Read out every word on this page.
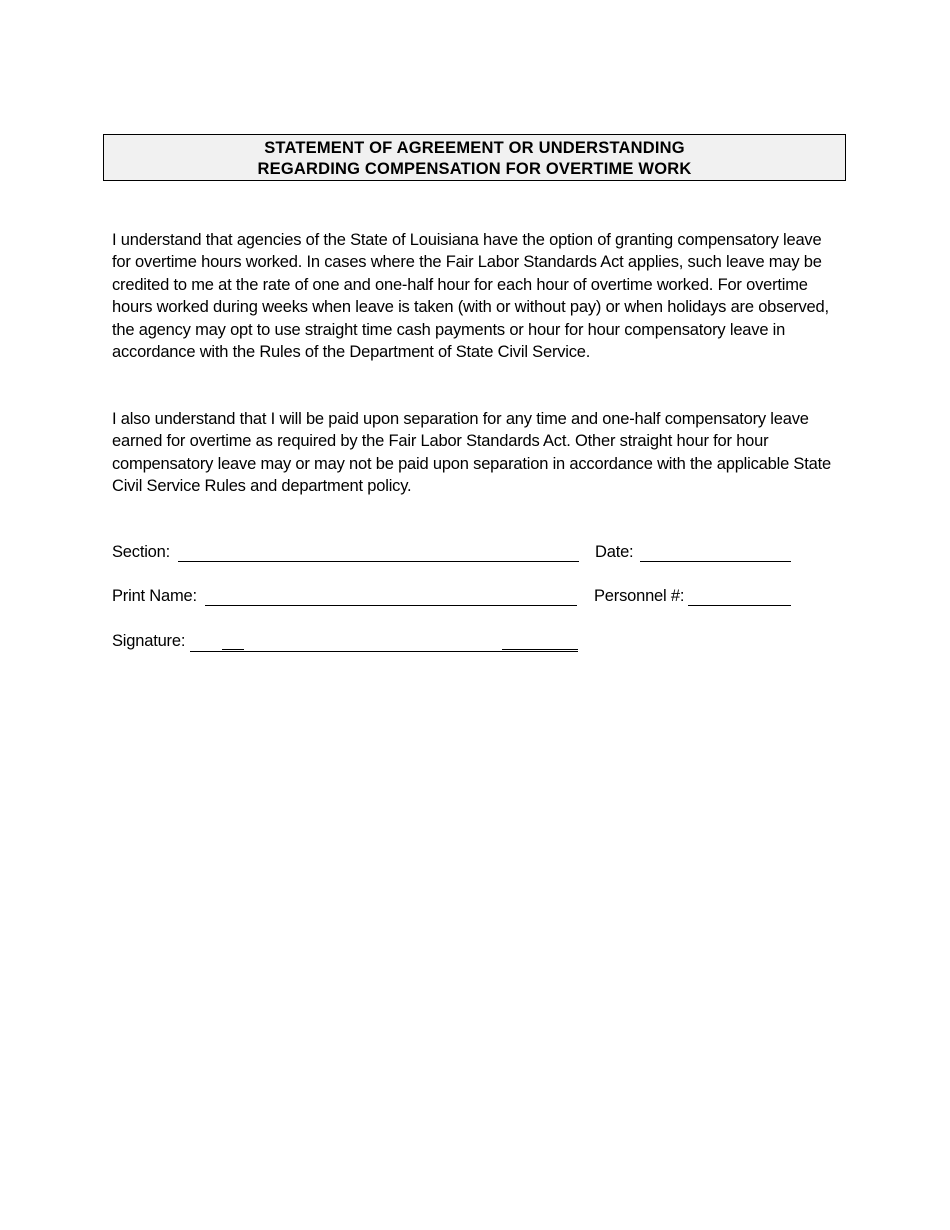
STATEMENT OF AGREEMENT OR UNDERSTANDING
REGARDING COMPENSATION FOR OVERTIME WORK

I understand that agencies of the State of Louisiana have the option of granting compensatory leave for overtime hours worked. In cases where the Fair Labor Standards Act applies, such leave may be credited to me at the rate of one and one-half hour for each hour of overtime worked. For overtime hours worked during weeks when leave is taken (with or without pay) or when holidays are observed, the agency may opt to use straight time cash payments or hour for hour compensatory leave in accordance with the Rules of the Department of State Civil Service.

I also understand that I will be paid upon separation for any time and one-half compensatory leave earned for overtime as required by the Fair Labor Standards Act. Other straight hour for hour compensatory leave may or may not be paid upon separation in accordance with the applicable State Civil Service Rules and department policy.

Section:	Date:
Print Name:	Personnel #:
Signature:
